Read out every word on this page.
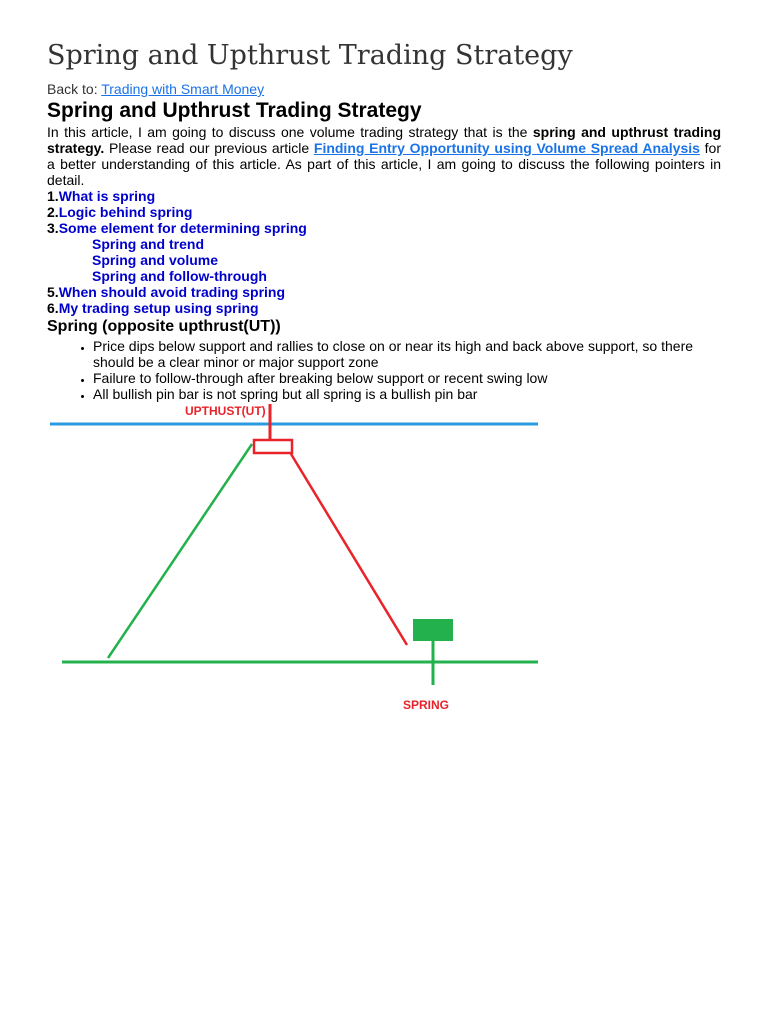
Spring and Upthrust Trading Strategy
Back to: Trading with Smart Money
Spring and Upthrust Trading Strategy

In this article, I am going to discuss one volume trading strategy that is the spring and upthrust trading strategy. Please read our previous article Finding Entry Opportunity using Volume Spread Analysis for a better understanding of this article. As part of this article, I am going to discuss the following pointers in detail.

1.What is spring
2.Logic behind spring
3.Some element for determining spring
Spring and trend
Spring and volume
Spring and follow-through
5.When should avoid trading spring
6.My trading setup using spring
Spring (opposite upthrust(UT))
• Price dips below support and rallies to close on or near its high and back above support, so there should be a clear minor or major support zone
• Failure to follow-through after breaking below support or recent swing low
• All bullish pin bar is not spring but all spring is a bullish pin bar
UPTHUST(UT)
SPRING
